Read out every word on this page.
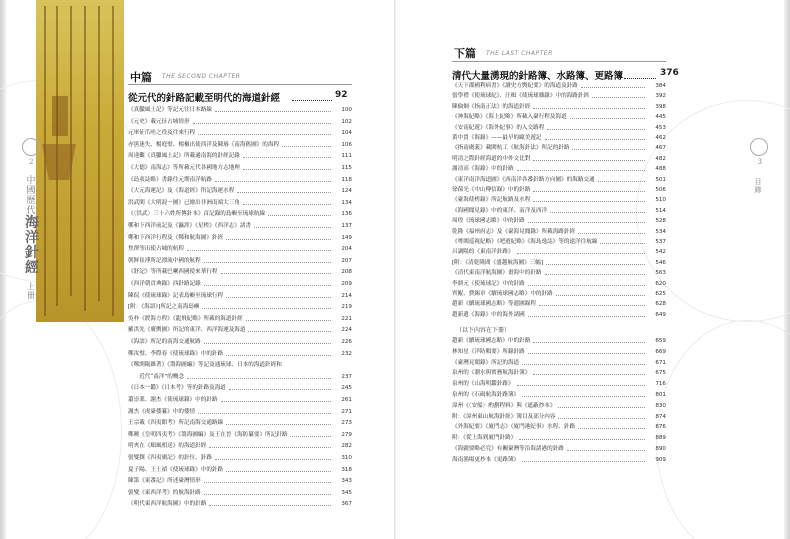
2
中國歷代
海洋針經
上冊
中篇 THE SECOND CHAPTER
從元代的針路記載至明代的海道針經	92
《真臘風土記》等記元往日本路線	100
《元史》載元征占城情形	102
元軍征爪哇之役及往來行程	104
亦黑迷失、楊庭璧、楊樞出使西洋及陳璿《南海舊圖》的海程	106
周達觀《真臘風土記》所載通南海的針經記錄	111
《大德》南海志》等所載元代各國地方志地理	115
《島夷誌略》書錄往元期南洋航路	118
《大元海運記》及《海道經》所記海運水程	124
洪武間《大明混一圖》已繪出非洲南端大三角	134
《〈洪武〉三十六姓所傳針本》首記錄的島嶼至琉球航線	136
鄭和下西洋前記及《瀛涯》《星槎》《西洋志》諸書	137
鄭和下西洋行程及《鄭和航海圖》針經	149
焦澤等出使占城的航程	204
朝鮮崔溥所記漂流中國的航程	207
《舒記》等所載巴喇西國使來華行程	208
《西洋朝貢典錄》西針路記錄	209
陳侃《使琉球錄》記表島嶼至琉球行程	214
[附：《海語》]所記之南海島嶼	219
吳朴《渡海方程》《龍飛紀略》所載的海道針經	221
羅洪先《廣輿圖》所記的東洋、西洋海運及海道	224
《海語》所記的南海交通航路	226
鄭汝璧、李際春《使琉球錄》中的針路	232
《鄭開陽雜著》《籌海圖編》等記及通琉球、日本的海道針經和
　　近代“南洋”的概念	237
《日本一鑑》《日本考》等的針路及海道	245
蕭崇業、謝杰《使琉球錄》中的針路	261
謝杰《虔臺倭纂》中的倭情	271
王宗載《四夷館考》所記南海交通路線	273
鄭曉《皇明四夷考》《籌海圖編》及王在晉《海防纂要》所記針路	279
明夾在《順風相送》的海道針經	282
張燮撰《四夷廣記》的針位、針路	310
夏子陽、王士禎《使琉球錄》中的針路	318
陳第《東番記》所述臺灣情形	343
張燮《東西洋考》的航海針路	345
《明代東西洋航海圖》中的針路	367
3
目錄
下篇 THE LAST CHAPTER
清代大量湧現的針路簿、水路簿、更路簿	376
《天下郡國利病書》《讀史方輿紀要》的海道及針路	384
張學禮《使琉球紀》、汪楫《使琉球雜錄》中的海路針經	392
陳倫炯《指南正法》的海道針經	398
《神海紀略》《海上紀略》所載入臺行程及海道	445
《安南紀遊》《海外紀事》的入交路程	453
黃中貴《海錄》——最早的歐美遊記	462
《指南廣義》載閩杭工《航海針法》所記的針路	467
明清之際針經海道的中外文比對	482
謝清高《海錄》中的針路	488
《東洋南洋海道圖》《西南洋各番針路方向圖》的海路交通	501
徐葆光《中山傳信錄》中的針路	506
《臺海使槎錄》所記航路及水程	510
《海國聞見錄》中的東洋、南洋及西洋	514
周煌《琉球國志略》中的針路	528
乾隆《福州府志》及《臺海見聞錄》所載海路針經	534
《粵閩巡視紀略》《吧遊紀略》《海島逸誌》等的遠洋往航線	537
呂調陽的《東南洋針路》	542
[附：《清乾隆間《盛越航海圖》三幅]	546
《清代東南洋航海圖》畫海中的針路	563
李鼎元《使琉球記》中的針路	620
齊鯤、費錫章《續琉球國志略》中的針路	625
趙新《續琉球國志略》等遺圖錄程	628
趙新遺《海錄》中的海外諸國	649
（以下內容在下冊）
趙新《續琉球國志略》中的針路	659
林知星《洋防輯要》所錄針路	669
《臺灣見聞錄》所記的海道	671
泉州的《潮水與實務航海針簿》	675
泉州的《山海明鑑針路》	716
泉州的《石碣航海針路簿》	801
漳州《〈安船〉酌劃程料》與《遮蔽抄本》	830
附：《漳州東山航海針經》簿目及部分內容	874
《外海紀要》《廈門志》《廈門港紀事》水程、針路	876
附：《從上海到廈門針路》	889
《海疆要略必究》有關臺灣等沿海諸港的針路	890
海南漁場更抄本《更路簿》	909
